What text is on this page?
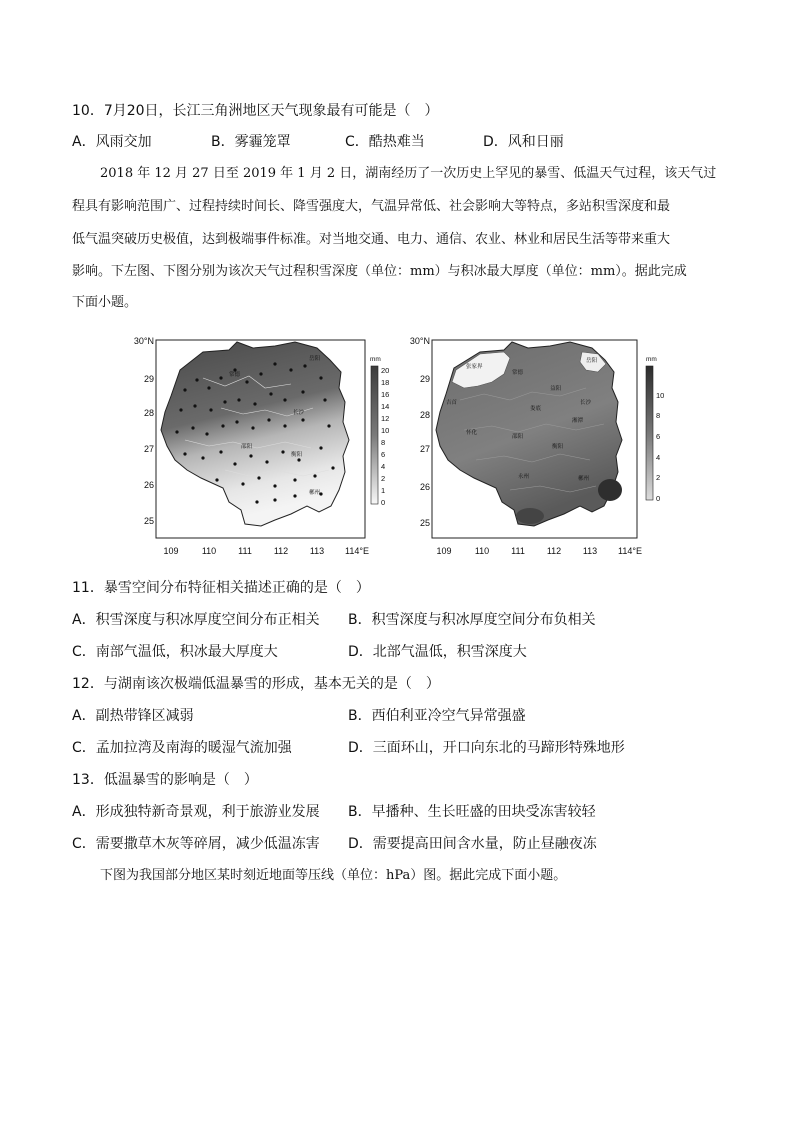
10．7月20日，长江三角洲地区天气现象最有可能是（　）
A．风雨交加	B．雾霾笼罩	C．酷热难当	D．风和日丽
2018 年 12 月 27 日至 2019 年 1 月 2 日，湖南经历了一次历史上罕见的暴雪、低温天气过程，该天气过
程具有影响范围广、过程持续时间长、降雪强度大，气温异常低、社会影响大等特点，多站积雪深度和最
低气温突破历史极值，达到极端事件标准。对当地交通、电力、通信、农业、林业和居民生活等带来重大
影响。下左图、下图分别为该次天气过程积雪深度（单位：mm）与积冰最大厚度（单位：mm）。据此完成
下面小题。
岳阳
常德
长沙
邵阳
衡阳
郴州
30°N
29
28
27
26
25
109	110 111 112 113 114°E
mm
20
18
16
14
12
10
8
6
4
2
1
0
张家界
岳阳
常德
吉首
益阳
怀化
长沙
娄底
湘潭
邵阳
衡阳
永州	郴州
30°N
29
28
27
26
25
109	110 111 112 113 114°E
mm
10
8
6
4
2
0
11．暴雪空间分布特征相关描述正确的是（　）
A．积雪深度与积冰厚度空间分布正相关 B．积雪深度与积冰厚度空间分布负相关
C．南部气温低，积冰最大厚度大	D．北部气温低，积雪深度大
12．与湖南该次极端低温暴雪的形成，基本无关的是（　）
A．副热带锋区减弱	B．西伯利亚冷空气异常强盛
C．孟加拉湾及南海的暖湿气流加强	D．三面环山，开口向东北的马蹄形特殊地形
13．低温暴雪的影响是（　）
A．形成独特新奇景观，利于旅游业发展 B．早播种、生长旺盛的田块受冻害较轻
C．需要撒草木灰等碎屑，减少低温冻害 D．需要提高田间含水量，防止昼融夜冻
下图为我国部分地区某时刻近地面等压线（单位：hPa）图。据此完成下面小题。
